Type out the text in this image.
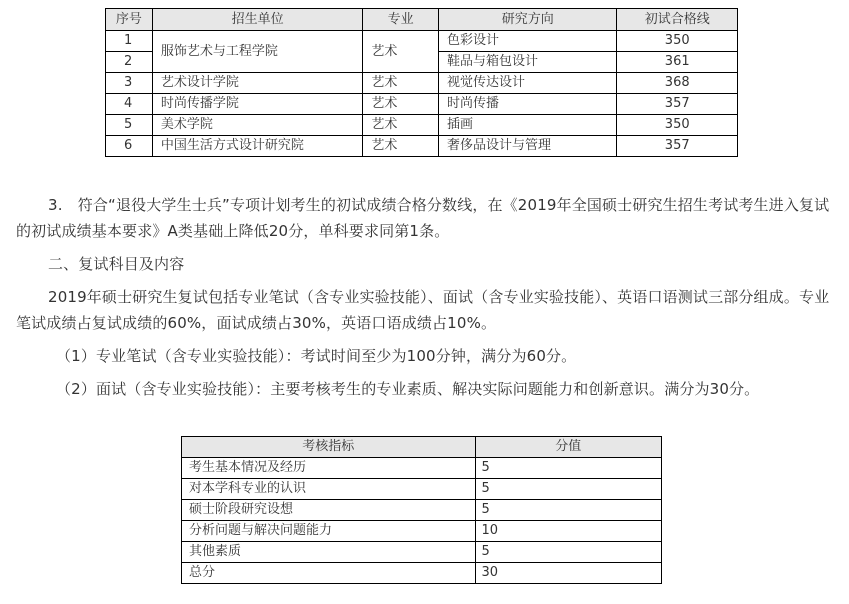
序号	招生单位	专业	研究方向	初试合格线
1	服饰艺术与工程学院	艺术	色彩设计	350
2			鞋品与箱包设计	361
3	艺术设计学院	艺术	视觉传达设计	368
4	时尚传播学院	艺术	时尚传播	357
5	美术学院	艺术	插画	350
6	中国生活方式设计研究院	艺术	奢侈品设计与管理	357

3.　符合“退役大学生士兵”专项计划考生的初试成绩合格分数线，在《2019年全国硕士研究生招生考试考生进入复试的初试成绩基本要求》A类基础上降低20分，单科要求同第1条。

二、复试科目及内容

2019年硕士研究生复试包括专业笔试（含专业实验技能）、面试（含专业实验技能）、英语口语测试三部分组成。专业笔试成绩占复试成绩的60%，面试成绩占30%，英语口语成绩占10%。

（1）专业笔试（含专业实验技能）：考试时间至少为100分钟，满分为60分。

（2）面试（含专业实验技能）：主要考核考生的专业素质、解决实际问题能力和创新意识。满分为30分。

考核指标	分值
考生基本情况及经历	5
对本学科专业的认识	5
硕士阶段研究设想	5
分析问题与解决问题能力	10
其他素质	5
总分	30
